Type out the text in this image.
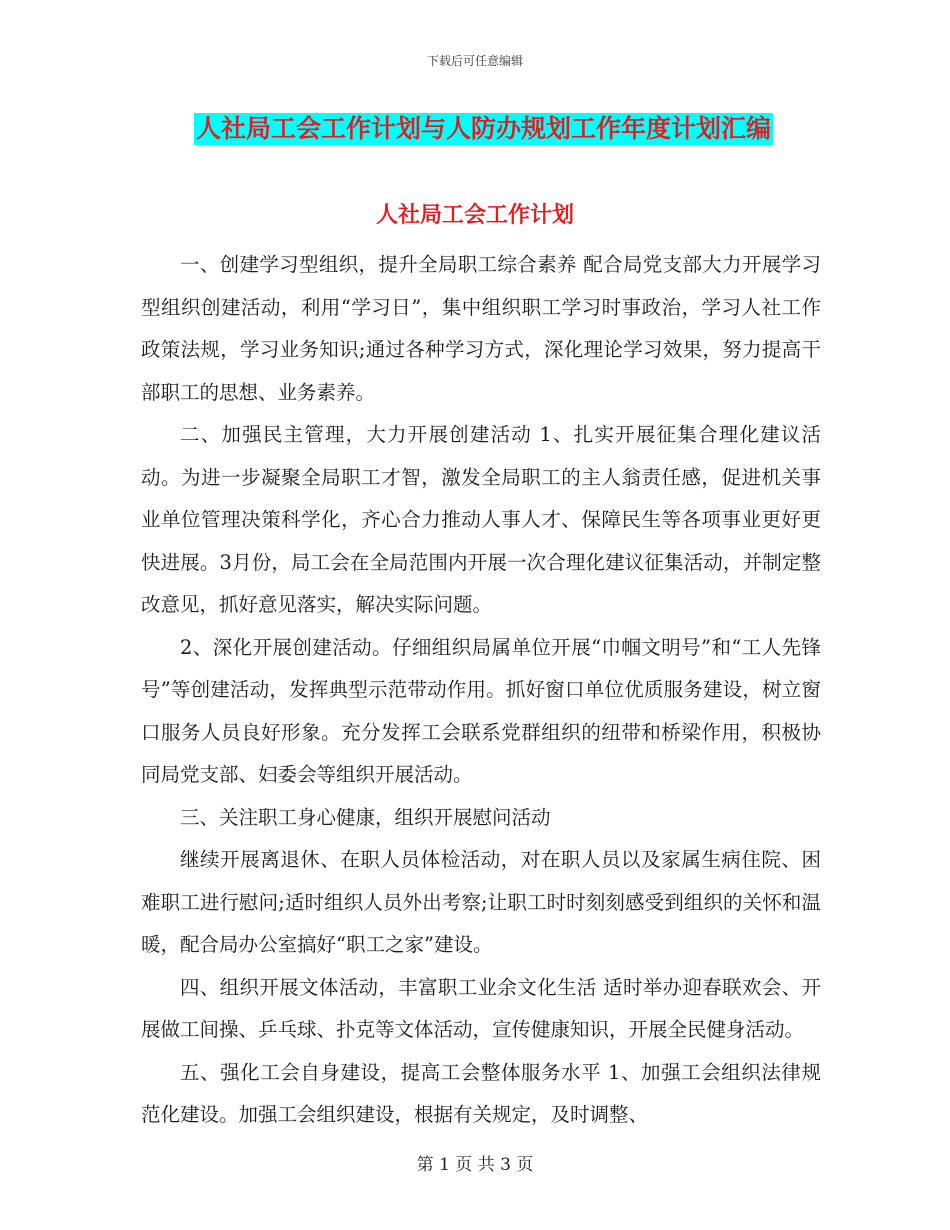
下载后可任意编辑
人社局工会工作计划与人防办规划工作年度计划汇编
人社局工会工作计划

一、创建学习型组织，提升全局职工综合素养 配合局党支部大力开展学习型组织创建活动，利用“学习日”，集中组织职工学习时事政治，学习人社工作政策法规，学习业务知识;通过各种学习方式，深化理论学习效果，努力提高干部职工的思想、业务素养。

二、加强民主管理，大力开展创建活动 1、扎实开展征集合理化建议活动。为进一步凝聚全局职工才智，激发全局职工的主人翁责任感，促进机关事业单位管理决策科学化，齐心合力推动人事人才、保障民生等各项事业更好更快进展。3月份，局工会在全局范围内开展一次合理化建议征集活动，并制定整改意见，抓好意见落实，解决实际问题。

2、深化开展创建活动。仔细组织局属单位开展“巾帼文明号”和“工人先锋号”等创建活动，发挥典型示范带动作用。抓好窗口单位优质服务建设，树立窗口服务人员良好形象。充分发挥工会联系党群组织的纽带和桥梁作用，积极协同局党支部、妇委会等组织开展活动。

三、关注职工身心健康，组织开展慰问活动

继续开展离退休、在职人员体检活动，对在职人员以及家属生病住院、困难职工进行慰问;适时组织人员外出考察;让职工时时刻刻感受到组织的关怀和温暖，配合局办公室搞好“职工之家”建设。

四、组织开展文体活动，丰富职工业余文化生活 适时举办迎春联欢会、开展做工间操、乒乓球、扑克等文体活动，宣传健康知识，开展全民健身活动。

五、强化工会自身建设，提高工会整体服务水平 1、加强工会组织法律规范化建设。加强工会组织建设，根据有关规定，及时调整、

第 1 页 共 3 页
